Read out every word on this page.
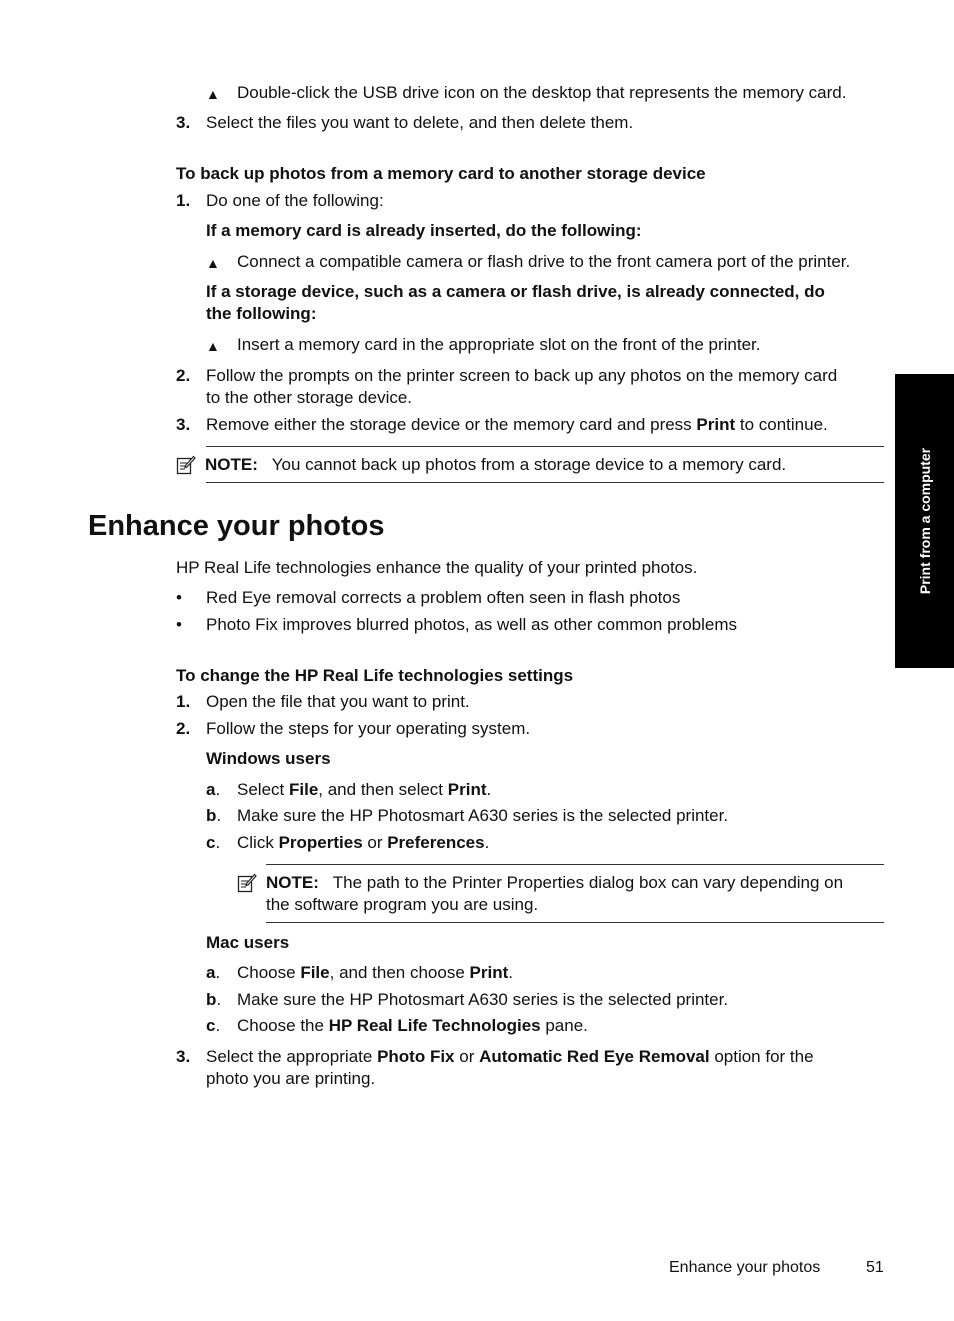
▲ Double-click the USB drive icon on the desktop that represents the memory card.

3. Select the files you want to delete, and then delete them.

To back up photos from a memory card to another storage device

1. Do one of the following:

If a memory card is already inserted, do the following:

▲ Connect a compatible camera or flash drive to the front camera port of the printer.

If a storage device, such as a camera or flash drive, is already connected, do
the following:

▲ Insert a memory card in the appropriate slot on the front of the printer.

2. Follow the prompts on the printer screen to back up any photos on the memory card
to the other storage device.

3. Remove either the storage device or the memory card and press Print to continue.

NOTE: You cannot back up photos from a storage device to a memory card.

Enhance your photos

HP Real Life technologies enhance the quality of your printed photos.

• Red Eye removal corrects a problem often seen in flash photos

• Photo Fix improves blurred photos, as well as other common problems

To change the HP Real Life technologies settings

1. Open the file that you want to print.

2. Follow the steps for your operating system.

Windows users

a. Select File, and then select Print.

b. Make sure the HP Photosmart A630 series is the selected printer.

c. Click Properties or Preferences.

NOTE: The path to the Printer Properties dialog box can vary depending on
the software program you are using.

Mac users

a. Choose File, and then choose Print.

b. Make sure the HP Photosmart A630 series is the selected printer.

c. Choose the HP Real Life Technologies pane.

3. Select the appropriate Photo Fix or Automatic Red Eye Removal option for the
photo you are printing.

Print from a computer

Enhance your photos	51
